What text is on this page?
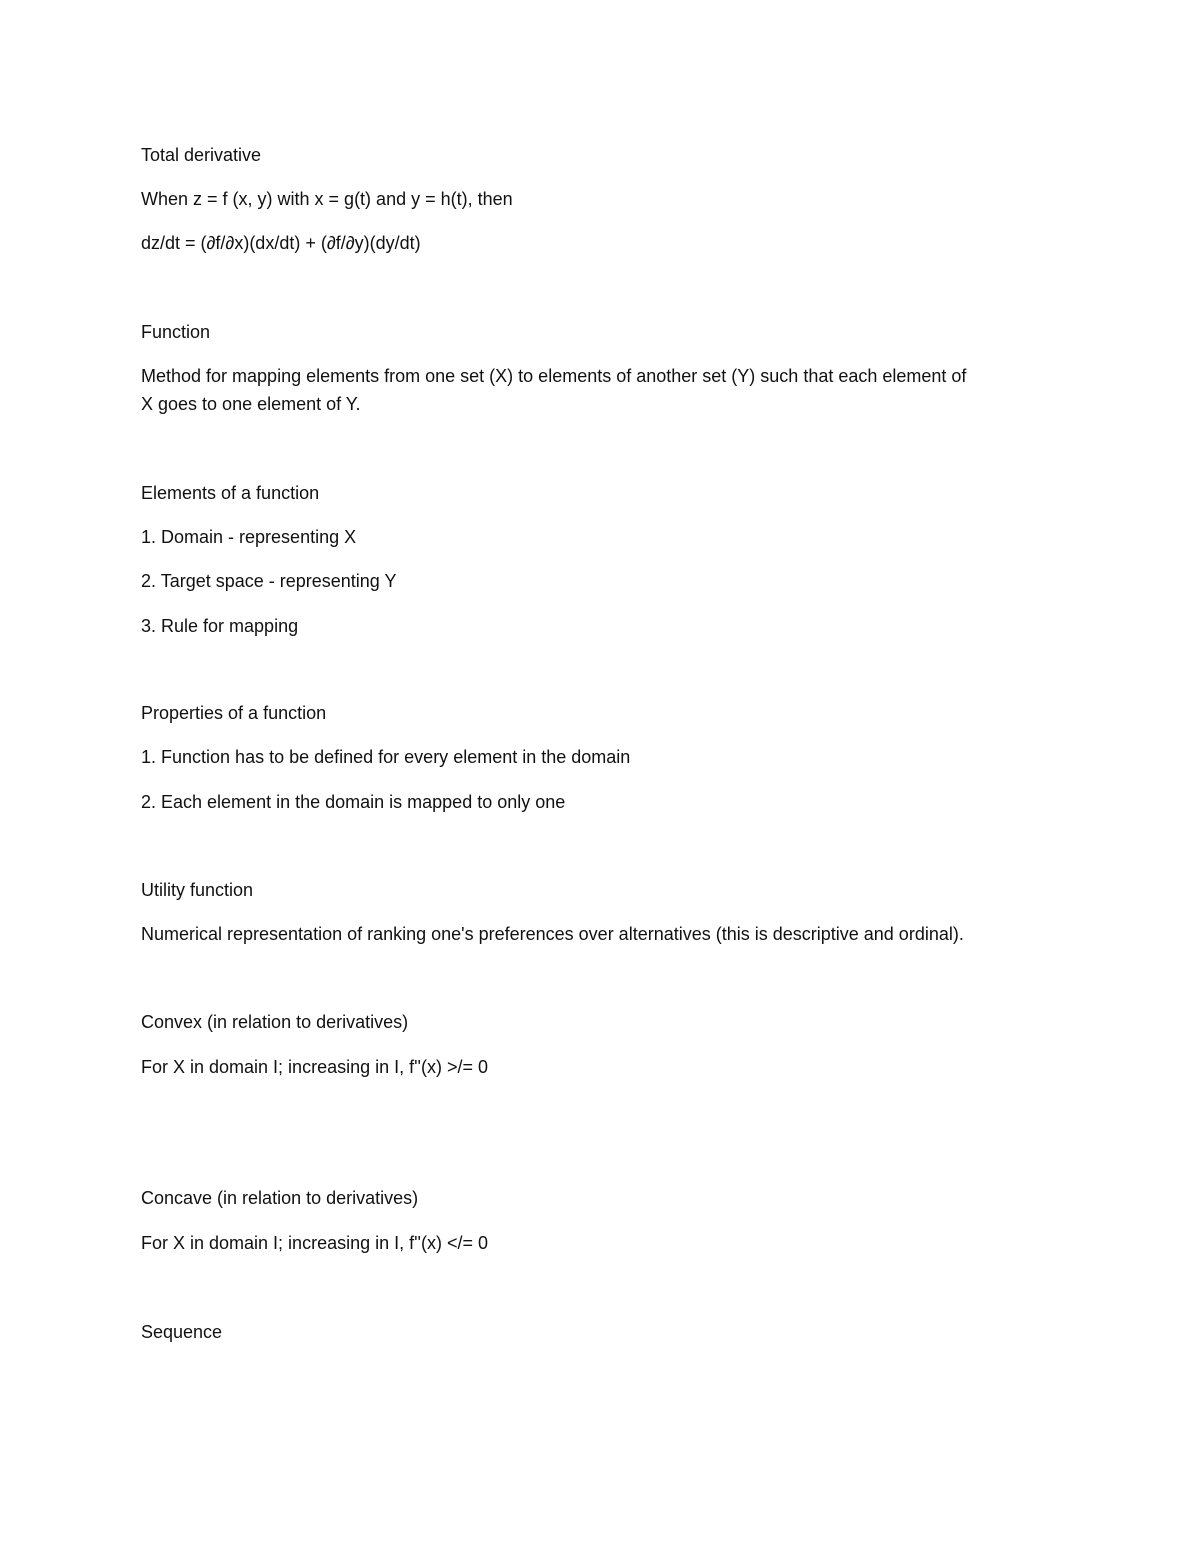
Total derivative
When z = f (x, y) with x = g(t) and y = h(t), then
dz/dt = (∂f/∂x)(dx/dt) + (∂f/∂y)(dy/dt)
Function
Method for mapping elements from one set (X) to elements of another set (Y) such that each element of
X goes to one element of Y.
Elements of a function
1. Domain - representing X
2. Target space - representing Y
3. Rule for mapping
Properties of a function
1. Function has to be defined for every element in the domain
2. Each element in the domain is mapped to only one
Utility function
Numerical representation of ranking one's preferences over alternatives (this is descriptive and ordinal).
Convex (in relation to derivatives)
For X in domain I; increasing in I, f''(x) >/= 0
Concave (in relation to derivatives)
For X in domain I; increasing in I, f''(x) </= 0
Sequence
